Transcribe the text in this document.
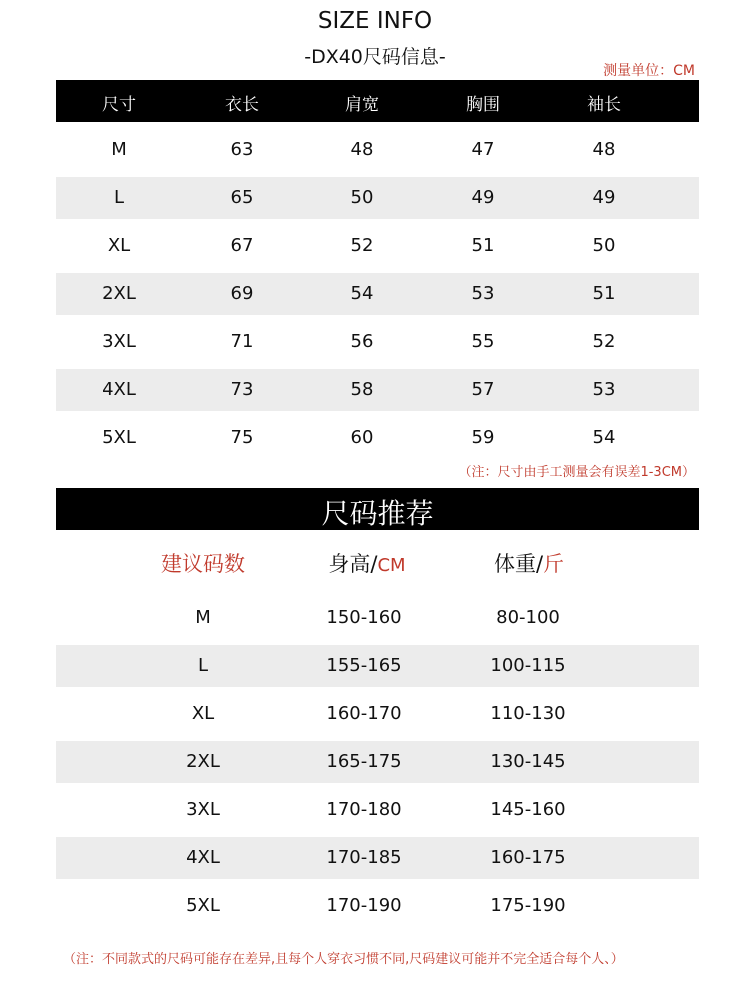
SIZE INFO
-DX40尺码信息-
测量单位：CM
尺寸	衣长	肩宽	胸围	袖长
M	63	48	47	48
L	65	50	49	49
XL	67	52	51	50
2XL	69	54	53	51
3XL	71	56	55	52
4XL	73	58	57	53
5XL	75	60	59	54
（注：尺寸由手工测量会有误差1-3CM）
尺码推荐
建议码数	身高/CM	体重/斤
M	150-160	80-100
L	155-165	100-115
XL	160-170	110-130
2XL	165-175	130-145
3XL	170-180	145-160
4XL	170-185	160-175
5XL	170-190	175-190
（注：不同款式的尺码可能存在差异,且每个人穿衣习惯不同,尺码建议可能并不完全适合每个人、）
